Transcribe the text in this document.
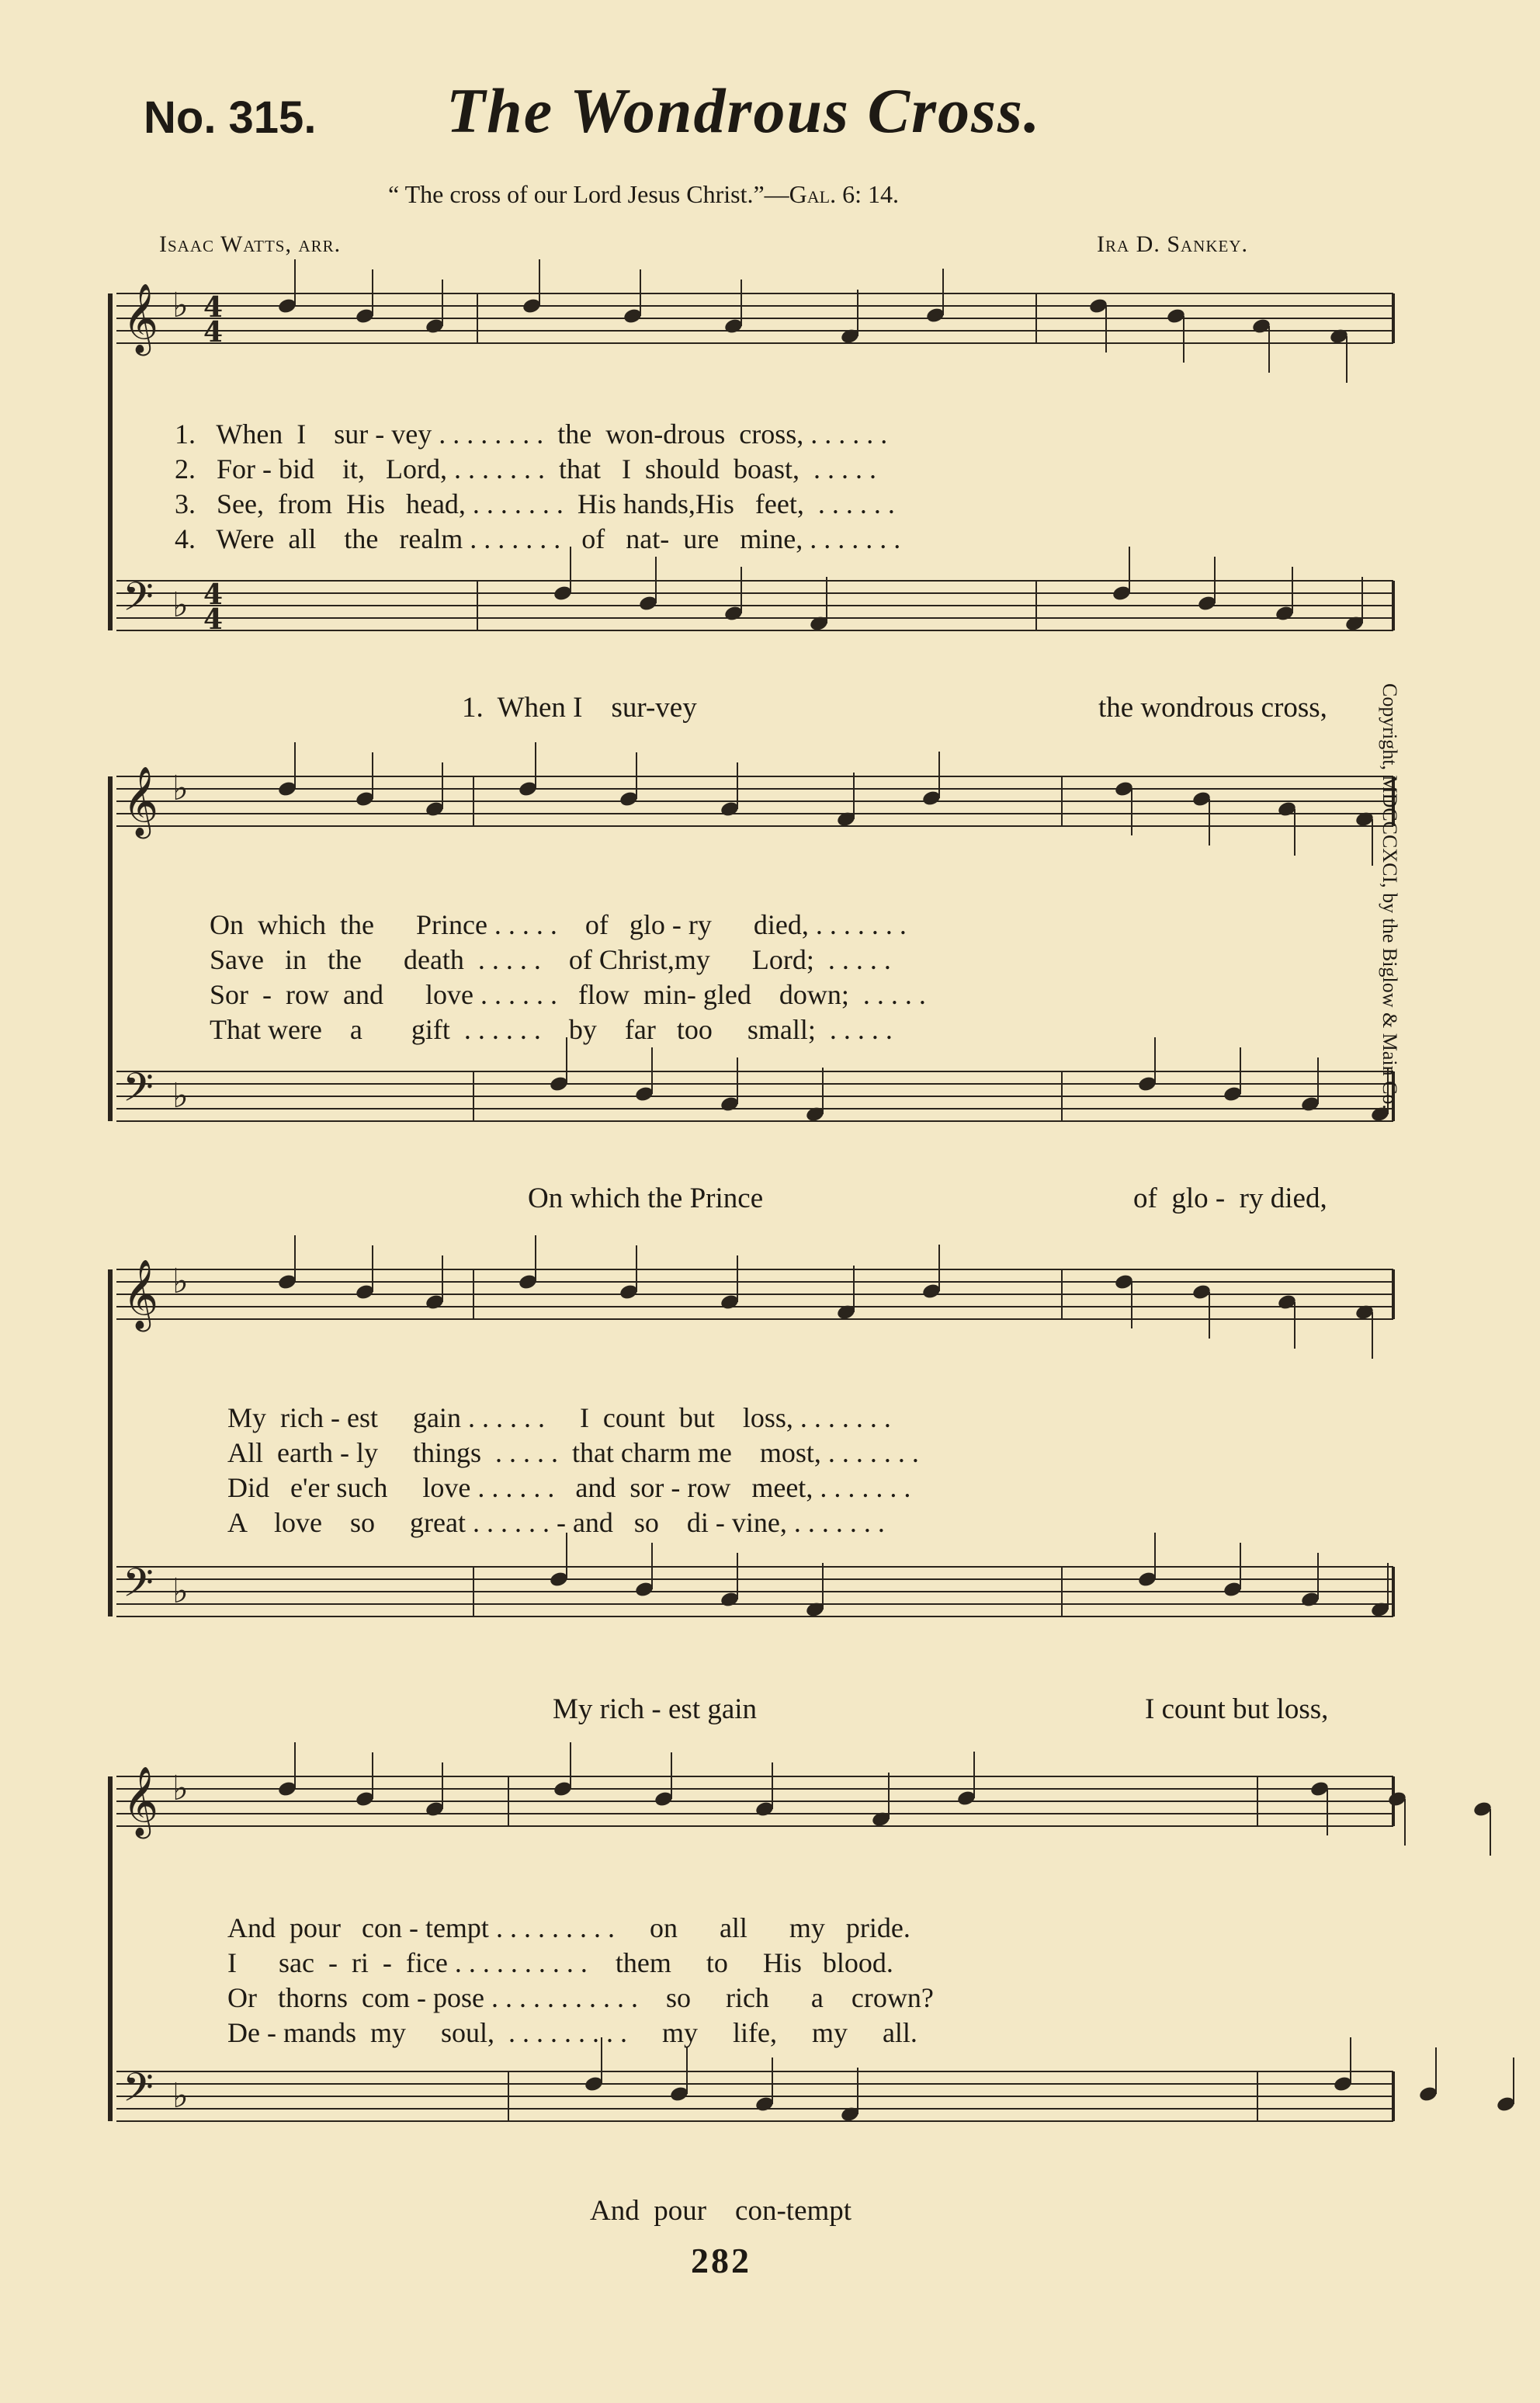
No. 315. The Wondrous Cross.
“ The cross of our Lord Jesus Christ.”—Gal. 6: 14.
Isaac Watts, arr.	Ira D. Sankey.
𝄞
𝄢
♭
♭
4
4
4
4
𝄞
𝄢
♭
♭
𝄞
𝄢
♭
♭
𝄞
𝄢
♭
♭
1.   When  I    sur - vey . . . . . . . .  the  won-drous  cross, . . . . . .
2.   For - bid    it,   Lord, . . . . . . .  that   I  should  boast,  . . . . .
3.   See,  from  His   head, . . . . . . .  His hands,His   feet,  . . . . . .
4.   Were  all    the   realm . . . . . . .   of   nat-  ure   mine, . . . . . . .
1.  When I    sur-vey	the wondrous cross,
On  which  the      Prince . . . . .    of   glo - ry      died, . . . . . . .
Save   in   the      death  . . . . .    of Christ,my      Lord;  . . . . .
Sor  -  row  and      love . . . . . .   flow  min- gled    down;  . . . . .
That were    a       gift  . . . . . .    by    far   too     small;  . . . . .
On which the Prince	of  glo -  ry died,
My  rich - est     gain . . . . . .     I  count  but    loss, . . . . . . .
All  earth - ly     things  . . . . .  that charm me    most, . . . . . . .
Did   e'er such     love . . . . . .   and  sor - row   meet, . . . . . . .
A    love    so     great . . . . . . - and   so    di - vine, . . . . . . .
My rich - est gain	I count but loss,
And  pour   con - tempt . . . . . . . . .     on      all      my   pride.
I      sac  -  ri  -  fice . . . . . . . . . .    them     to     His   blood.
Or   thorns  com - pose . . . . . . . . . . .    so     rich      a    crown?
De - mands  my     soul,  . . . . . . . . .     my     life,     my     all.
And  pour    con-tempt
Copyright, MDCCCXCI, by the Biglow & Main Co.
282
